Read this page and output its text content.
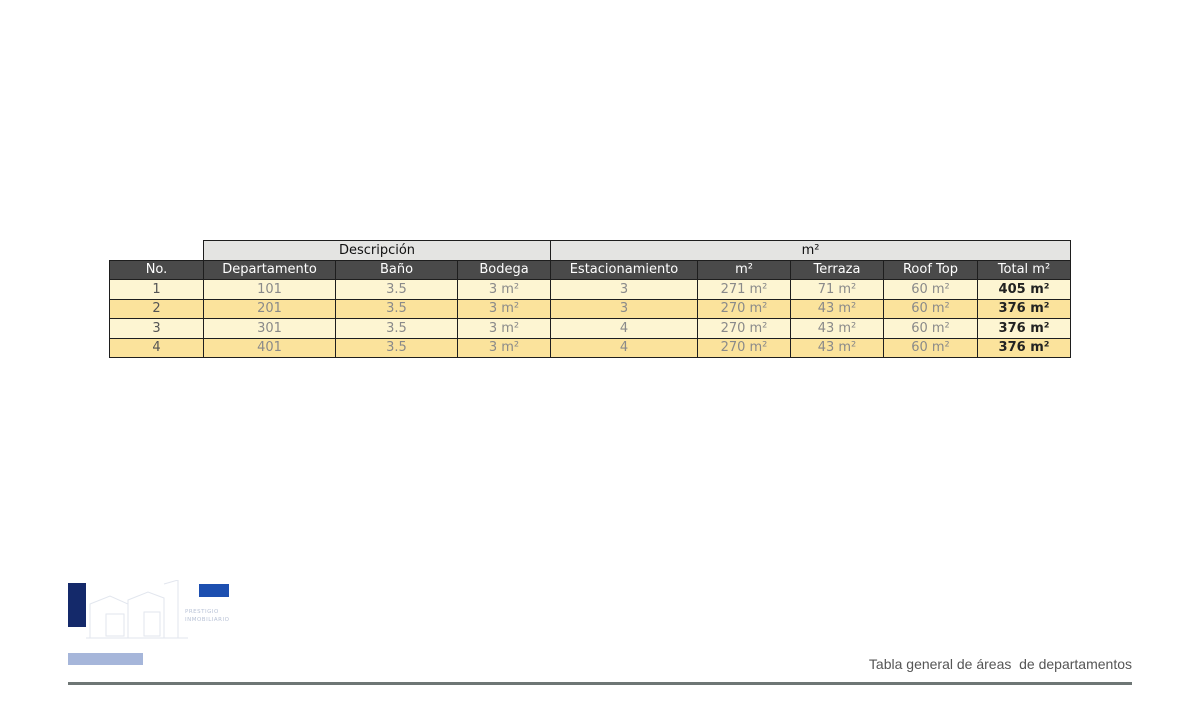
	Descripción			m²				
No.	Departamento	Baño	Bodega	Estacionamiento	m²	Terraza	Roof Top	Total m²
1	101	3.5	3 m²	3	271 m²	71 m²	60 m²	405 m²
2	201	3.5	3 m²	3	270 m²	43 m²	60 m²	376 m²
3	301	3.5	3 m²	4	270 m²	43 m²	60 m²	376 m²
4	401	3.5	3 m²	4	270 m²	43 m²	60 m²	376 m²
PRESTIGIO
INMOBILIARIO
Tabla general de áreas  de departamentos
